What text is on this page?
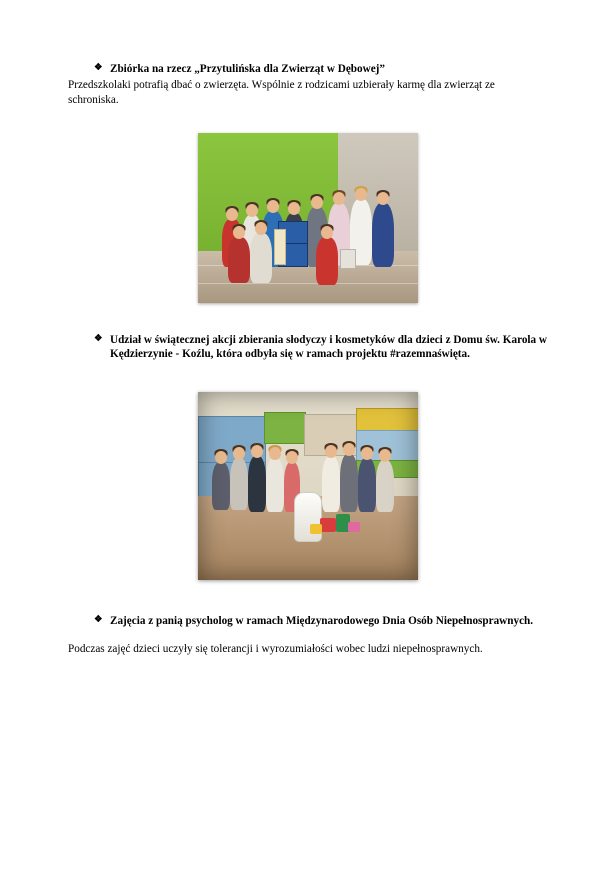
❖ Zbiórka na rzecz „Przytulińska dla Zwierząt w Dębowej”
Przedszkolaki potrafią dbać o zwierzęta. Wspólnie z rodzicami uzbierały karmę dla zwierząt ze schroniska.
❖ Udział w świątecznej akcji zbierania słodyczy i kosmetyków dla dzieci z Domu św. Karola w Kędzierzynie - Koźlu, która odbyła się w ramach projektu #razemnaświęta.
❖ Zajęcia z panią psycholog w ramach Międzynarodowego Dnia Osób Niepełnosprawnych.
Podczas zajęć dzieci uczyły się tolerancji i wyrozumiałości wobec ludzi niepełnosprawnych.
